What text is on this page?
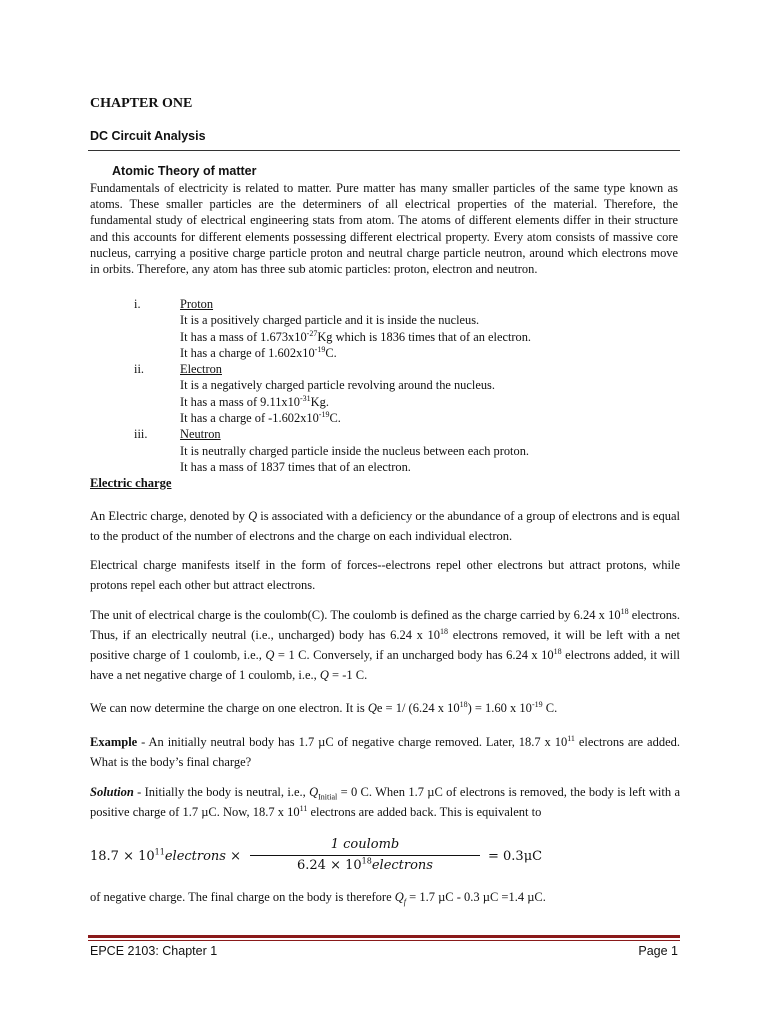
CHAPTER ONE
DC Circuit Analysis
Atomic Theory of matter
Fundamentals of electricity is related to matter. Pure matter has many smaller particles of the same type known as atoms. These smaller particles are the determiners of all electrical properties of the material. Therefore, the fundamental study of electrical engineering stats from atom. The atoms of different elements differ in their structure and this accounts for different elements possessing different electrical property. Every atom consists of massive core nucleus, carrying a positive charge particle proton and neutral charge particle neutron, around which electrons move in orbits. Therefore, any atom has three sub atomic particles: proton, electron and neutron.
i.	Proton
It is a positively charged particle and it is inside the nucleus.
It has a mass of $1.673x10^{-27}Kg$ which is 1836 times that of an electron.
It has a charge of $1.602x10^{-19}C$.
ii.	Electron
It is a negatively charged particle revolving around the nucleus.
It has a mass of $9.11x10^{-31}Kg$.
It has a charge of $-1.602x10^{-19}C$.
iii.	Neutron
It is neutrally charged particle inside the nucleus between each proton.
It has a mass of 1837 times that of an electron.
Electric charge
An Electric charge, denoted by Q is associated with a deficiency or the abundance of a group of electrons and is equal to the product of the number of electrons and the charge on each individual electron.
Electrical charge manifests itself in the form of forces--electrons repel other electrons but attract protons, while protons repel each other but attract electrons.
The unit of electrical charge is the coulomb(C). The coulomb is defined as the charge carried by 6.24 x $10^{18}$ electrons. Thus, if an electrically neutral (i.e., uncharged) body has 6.24 x $10^{18}$ electrons removed, it will be left with a net positive charge of 1 coulomb, i.e., Q = 1 C. Conversely, if an uncharged body has 6.24 x $10^{18}$ electrons added, it will have a net negative charge of 1 coulomb, i.e., Q = -1 C.
We can now determine the charge on one electron. It is Qe = 1/ (6.24 x $10^{18}) = 1.60$ x $10^{-19}$ C.
Example - An initially neutral body has 1.7 µC of negative charge removed. Later, 18.7 x $10^{11}$ electrons are added. What is the body’s final charge?
Solution - Initially the body is neutral, i.e., $Q_{Initial} = 0$ C. When 1.7 µC of electrons is removed, the body is left with a positive charge of 1.7 µC. Now, 18.7 x $10^{11}$ electrons are added back. This is equivalent to
$18.7 \times 10^{11}electrons$ ×
1 coulomb
$6.24 \times 10^{18}electrons$
= 0.3μC
of negative charge. The final charge on the body is therefore $Q_f = 1.7$ µC - 0.3 µC =1.4 µC.
EPCE 2103: Chapter 1	Page 1
